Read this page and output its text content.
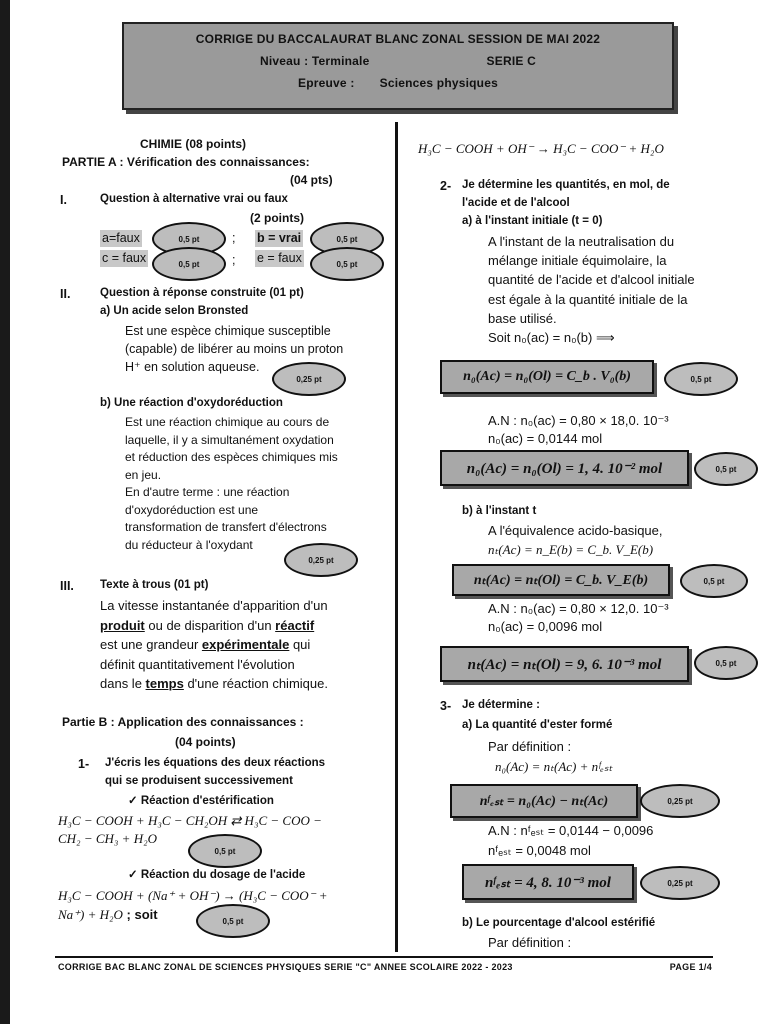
CORRIGE DU BACCALAURAT BLANC ZONAL SESSION DE MAI 2022
Niveau : Terminale	SERIE C
Epreuve : Sciences physiques
CHIMIE (08 points)
PARTIE A : Vérification des connaissances:
(04 pts)
I.	Question à alternative vrai ou faux
(2 points)
a=faux	0,5 pt	; b = vrai	0,5 pt
c = faux	0,5 pt	; e = faux	0,5 pt
II.	Question à réponse construite (01 pt)
a) Un acide selon Bronsted
Est une espèce chimique susceptible
(capable) de libérer au moins un proton
H⁺ en solution aqueuse.
0,25 pt
b) Une réaction d'oxydoréduction
Est une réaction chimique au cours de
laquelle, il y a simultanément oxydation
et réduction des espèces chimiques mis
en jeu.
En d'autre terme : une réaction
d'oxydoréduction est une
transformation de transfert d'électrons
du réducteur à l'oxydant
0,25 pt
III. Texte à trous (01 pt)
La vitesse instantanée d'apparition d'un
produit ou de disparition d'un réactif
est une grandeur expérimentale qui
définit quantitativement l'évolution
dans le temps d'une réaction chimique.
Partie B : Application des connaissances :
(04 points)
1- J'écris les équations des deux réactions
qui se produisent successivement
✓ Réaction d'estérification
H₃C − COOH + H₃C − CH₂OH ⇄ H₃C − COO −
CH₂ − CH₃ + H₂O
0,5 pt
✓ Réaction du dosage de l'acide
H₃C − COOH + (Na⁺ + OH⁻) → (H₃C − COO⁻ +
Na⁺) + H₂O ; soit	0,5 pt
H₃C − COOH + OH⁻ → H₃C − COO⁻ + H₂O
2- Je détermine les quantités, en mol, de
l'acide et de l'alcool
a) à l'instant initiale (t = 0)
A l'instant de la neutralisation du
mélange initiale équimolaire, la
quantité de l'acide et d'alcool initiale
est égale à la quantité initiale de la
base utilisé.
Soit n₀(ac) = n₀(b) ⟹
n₀(Ac) = n₀(Ol) = C_b . V₀(b)	0,5 pt
A.N : n₀(ac) = 0,80 × 18,0. 10⁻³
n₀(ac) = 0,0144 mol
n₀(Ac) = n₀(Ol) = 1, 4. 10⁻² mol	0,5 pt
b) à l'instant t
A l'équivalence acido-basique,
nₜ(Ac) = n_E(b) = C_b. V_E(b)
nₜ(Ac) = nₜ(Ol) = C_b. V_E(b)	0,5 pt
A.N : n₀(ac) = 0,80 × 12,0. 10⁻³
n₀(ac) = 0,0096 mol
nₜ(Ac) = nₜ(Ol) = 9, 6. 10⁻³ mol	0,5 pt
3- Je détermine :
a) La quantité d'ester formé
Par définition :
n₀(Ac) = nₜ(Ac) + nᶠₑₛₜ
nᶠₑₛₜ = n₀(Ac) − nₜ(Ac)	0,25 pt
A.N : nᶠₑₛₜ = 0,0144 − 0,0096
nᶠₑₛₜ = 0,0048 mol
nᶠₑₛₜ = 4, 8. 10⁻³ mol	0,25 pt
b) Le pourcentage d'alcool estérifié
Par définition :
CORRIGE BAC BLANC ZONAL DE SCIENCES PHYSIQUES SERIE "C" ANNEE SCOLAIRE 2022 - 2023	PAGE 1/4
